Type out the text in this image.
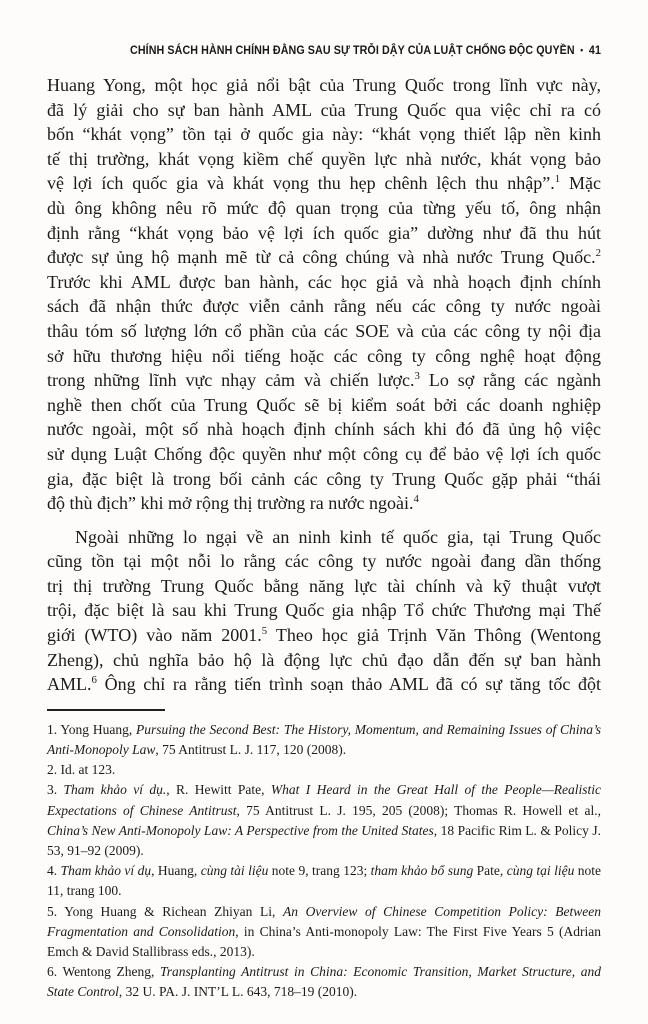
CHÍNH SÁCH HÀNH CHÍNH ĐẰNG SAU SỰ TRỖI DẬY CỦA LUẬT CHỐNG ĐỘC QUYỀN • 41
Huang Yong, một học giả nổi bật của Trung Quốc trong lĩnh vực này,
đã lý giải cho sự ban hành AML của Trung Quốc qua việc chỉ ra có
bốn “khát vọng” tồn tại ở quốc gia này: “khát vọng thiết lập nền kinh
tế thị trường, khát vọng kiềm chế quyền lực nhà nước, khát vọng bảo
vệ lợi ích quốc gia và khát vọng thu hẹp chênh lệch thu nhập”.$^1$ Mặc
dù ông không nêu rõ mức độ quan trọng của từng yếu tố, ông nhận
định rằng “khát vọng bảo vệ lợi ích quốc gia” dường như đã thu hút
được sự ủng hộ mạnh mẽ từ cả công chúng và nhà nước Trung Quốc.$^2$
Trước khi AML được ban hành, các học giả và nhà hoạch định chính
sách đã nhận thức được viễn cảnh rằng nếu các công ty nước ngoài
thâu tóm số lượng lớn cổ phần của các SOE và của các công ty nội địa
sở hữu thương hiệu nổi tiếng hoặc các công ty công nghệ hoạt động
trong những lĩnh vực nhạy cảm và chiến lược.$^3$ Lo sợ rằng các ngành
nghề then chốt của Trung Quốc sẽ bị kiểm soát bởi các doanh nghiệp
nước ngoài, một số nhà hoạch định chính sách khi đó đã ủng hộ việc
sử dụng Luật Chống độc quyền như một công cụ để bảo vệ lợi ích quốc
gia, đặc biệt là trong bối cảnh các công ty Trung Quốc gặp phải “thái
độ thù địch” khi mở rộng thị trường ra nước ngoài.$^4$
Ngoài những lo ngại về an ninh kinh tế quốc gia, tại Trung Quốc
cũng tồn tại một nỗi lo rằng các công ty nước ngoài đang dần thống
trị thị trường Trung Quốc bằng năng lực tài chính và kỹ thuật vượt
trội, đặc biệt là sau khi Trung Quốc gia nhập Tổ chức Thương mại Thế
giới (WTO) vào năm 2001.$^5$ Theo học giả Trịnh Văn Thông (Wentong
Zheng), chủ nghĩa bảo hộ là động lực chủ đạo dẫn đến sự ban hành
AML.$^6$ Ông chỉ ra rằng tiến trình soạn thảo AML đã có sự tăng tốc đột
1. Yong Huang, Pursuing the Second Best: The History, Momentum, and Remaining Issues of China’s Anti-Monopoly Law, 75 Antitrust L. J. 117, 120 (2008).
2. Id. at 123.
3. Tham khảo ví dụ., R. Hewitt Pate, What I Heard in the Great Hall of the People—Realistic Expectations of Chinese Antitrust, 75 Antitrust L. J. 195, 205 (2008); Thomas R. Howell et al., China’s New Anti-Monopoly Law: A Perspective from the United States, 18 Pacific Rim L. & Policy J. 53, 91–92 (2009).
4. Tham khảo ví dụ, Huang, cùng tài liệu note 9, trang 123; tham khảo bổ sung Pate, cùng tại liệu note 11, trang 100.
5. Yong Huang & Richean Zhiyan Li, An Overview of Chinese Competition Policy: Between Fragmentation and Consolidation, in China’s Anti-monopoly Law: The First Five Years 5 (Adrian Emch & David Stallibrass eds., 2013).
6. Wentong Zheng, Transplanting Antitrust in China: Economic Transition, Market Structure, and State Control, 32 U. PA. J. INT’L L. 643, 718–19 (2010).
